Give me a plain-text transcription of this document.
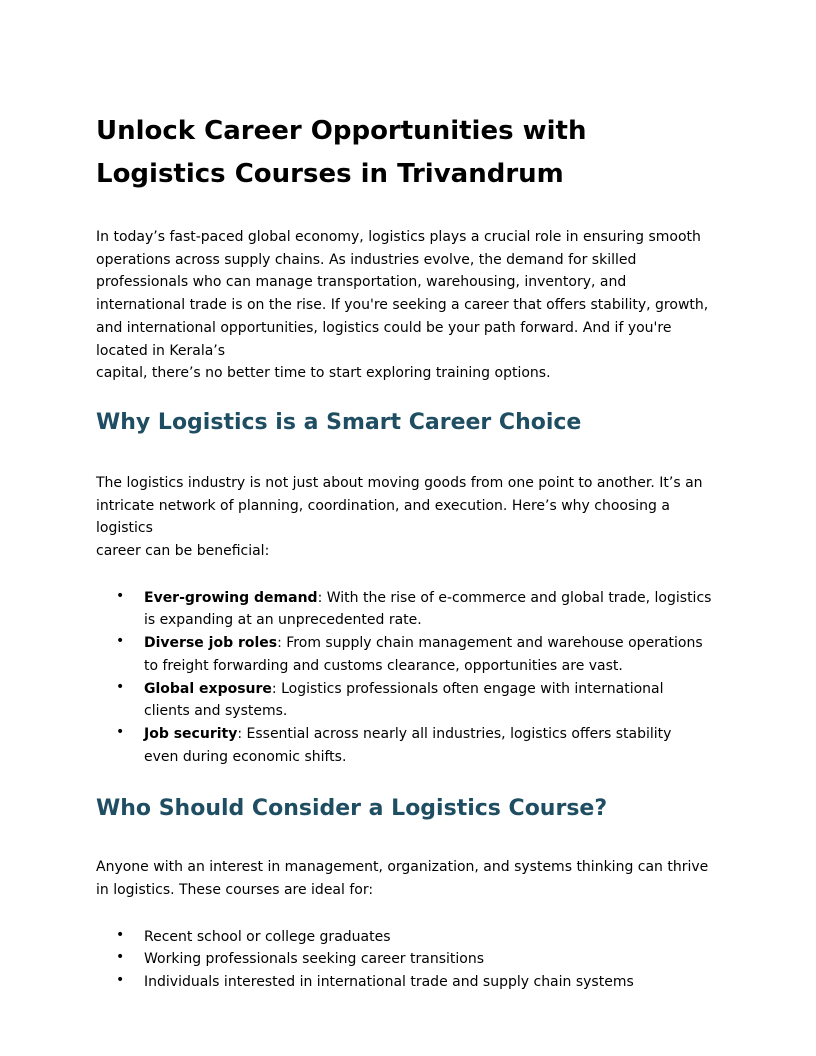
Unlock Career Opportunities with
Logistics Courses in Trivandrum

In today’s fast-paced global economy, logistics plays a crucial role in ensuring smooth
operations across supply chains. As industries evolve, the demand for skilled
professionals who can manage transportation, warehousing, inventory, and
international trade is on the rise. If you're seeking a career that offers stability, growth,
and international opportunities, logistics could be your path forward. And if you're
located in Kerala’s
capital, there’s no better time to start exploring training options.

Why Logistics is a Smart Career Choice

The logistics industry is not just about moving goods from one point to another. It’s an
intricate network of planning, coordination, and execution. Here’s why choosing a
logistics
career can be beneficial:

• Ever-growing demand: With the rise of e-commerce and global trade, logistics
is expanding at an unprecedented rate.
• Diverse job roles: From supply chain management and warehouse operations
to freight forwarding and customs clearance, opportunities are vast.
• Global exposure: Logistics professionals often engage with international
clients and systems.
• Job security: Essential across nearly all industries, logistics offers stability
even during economic shifts.
Who Should Consider a Logistics Course?

Anyone with an interest in management, organization, and systems thinking can thrive
in logistics. These courses are ideal for:

• Recent school or college graduates
• Working professionals seeking career transitions
• Individuals interested in international trade and supply chain systems
